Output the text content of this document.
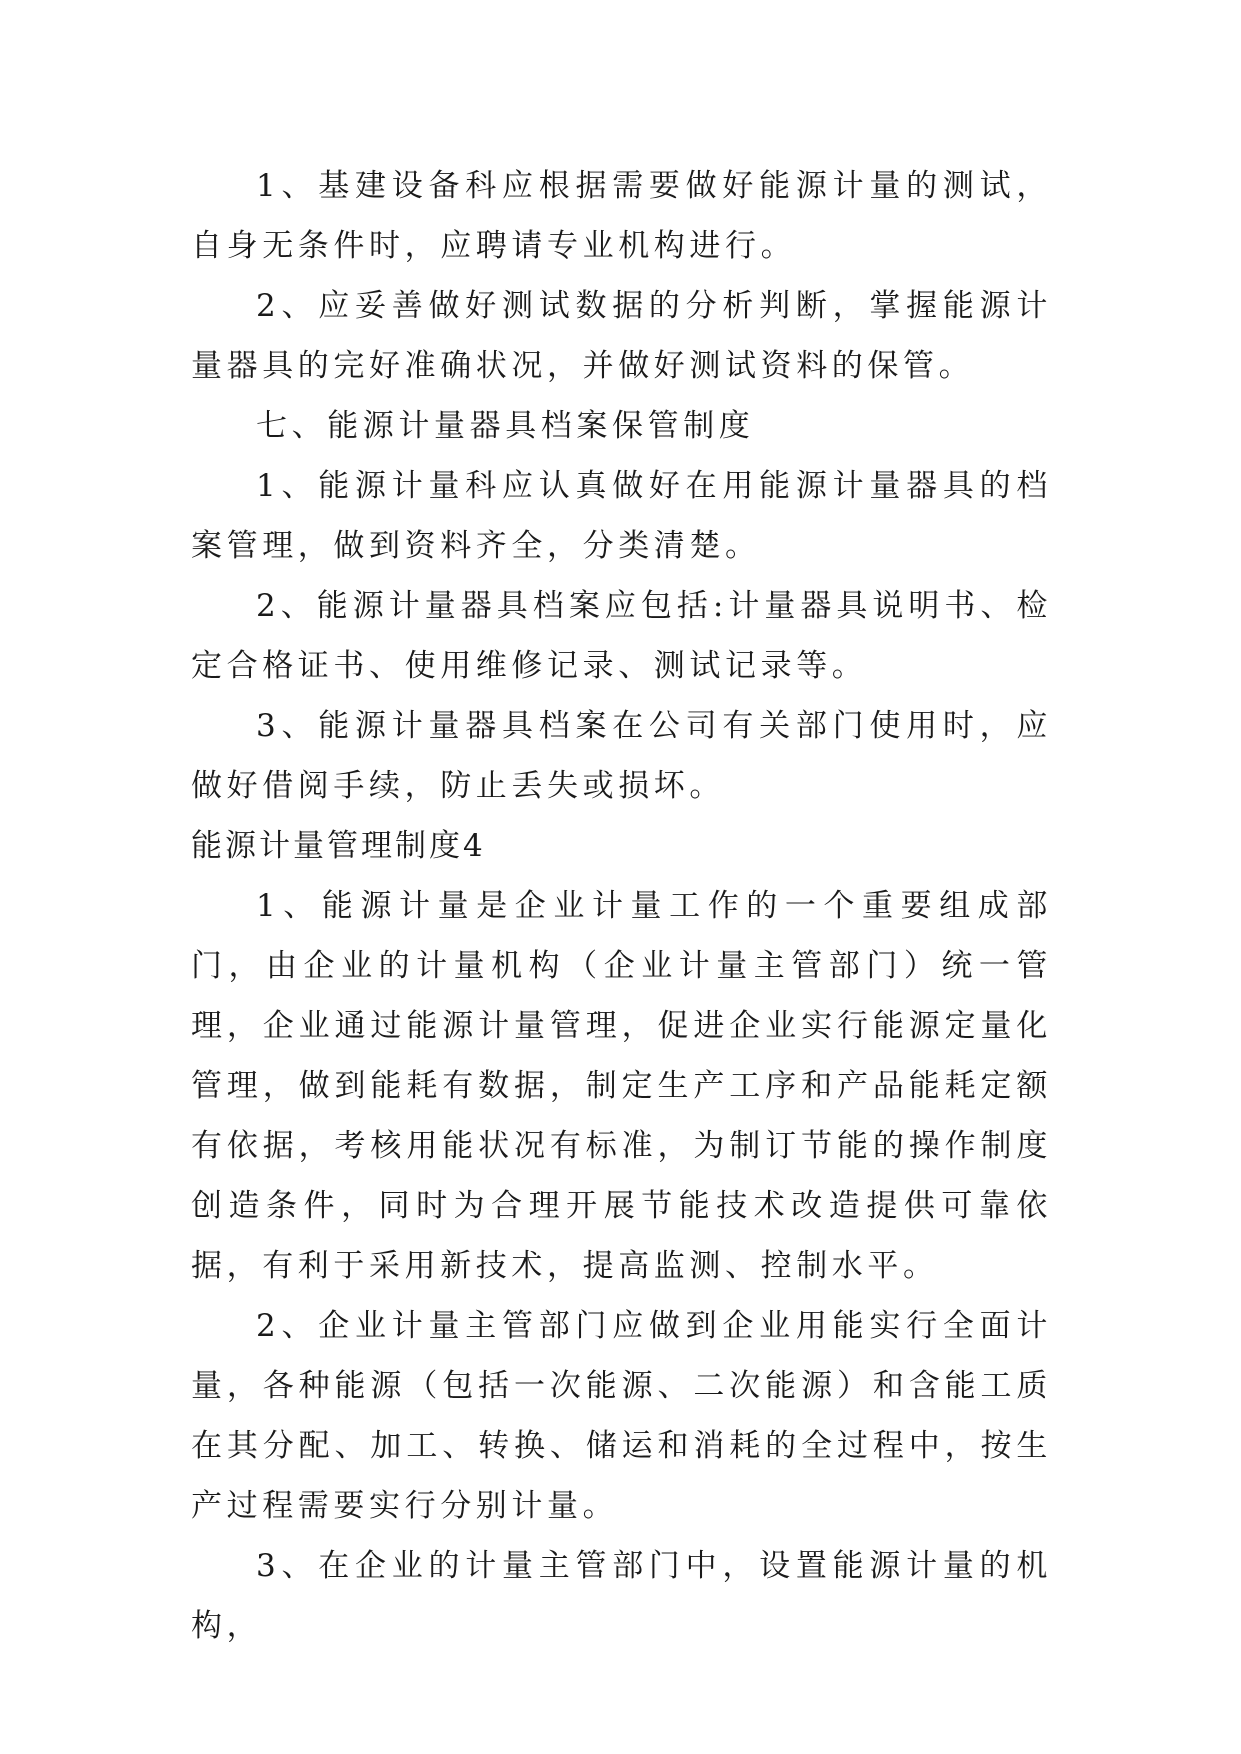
1、基建设备科应根据需要做好能源计量的测试，自身无条件时，应聘请专业机构进行。

2、应妥善做好测试数据的分析判断，掌握能源计量器具的完好准确状况，并做好测试资料的保管。

七、能源计量器具档案保管制度

1、能源计量科应认真做好在用能源计量器具的档案管理，做到资料齐全，分类清楚。

2、能源计量器具档案应包括:计量器具说明书、检定合格证书、使用维修记录、测试记录等。

3、能源计量器具档案在公司有关部门使用时，应做好借阅手续，防止丢失或损坏。

能源计量管理制度4

1、能源计量是企业计量工作的一个重要组成部门，由企业的计量机构（企业计量主管部门）统一管理，企业通过能源计量管理，促进企业实行能源定量化管理，做到能耗有数据，制定生产工序和产品能耗定额有依据，考核用能状况有标准，为制订节能的操作制度创造条件，同时为合理开展节能技术改造提供可靠依据，有利于采用新技术，提高监测、控制水平。

2、企业计量主管部门应做到企业用能实行全面计量，各种能源（包括一次能源、二次能源）和含能工质在其分配、加工、转换、储运和消耗的全过程中，按生产过程需要实行分别计量。

3、在企业的计量主管部门中，设置能源计量的机构，
